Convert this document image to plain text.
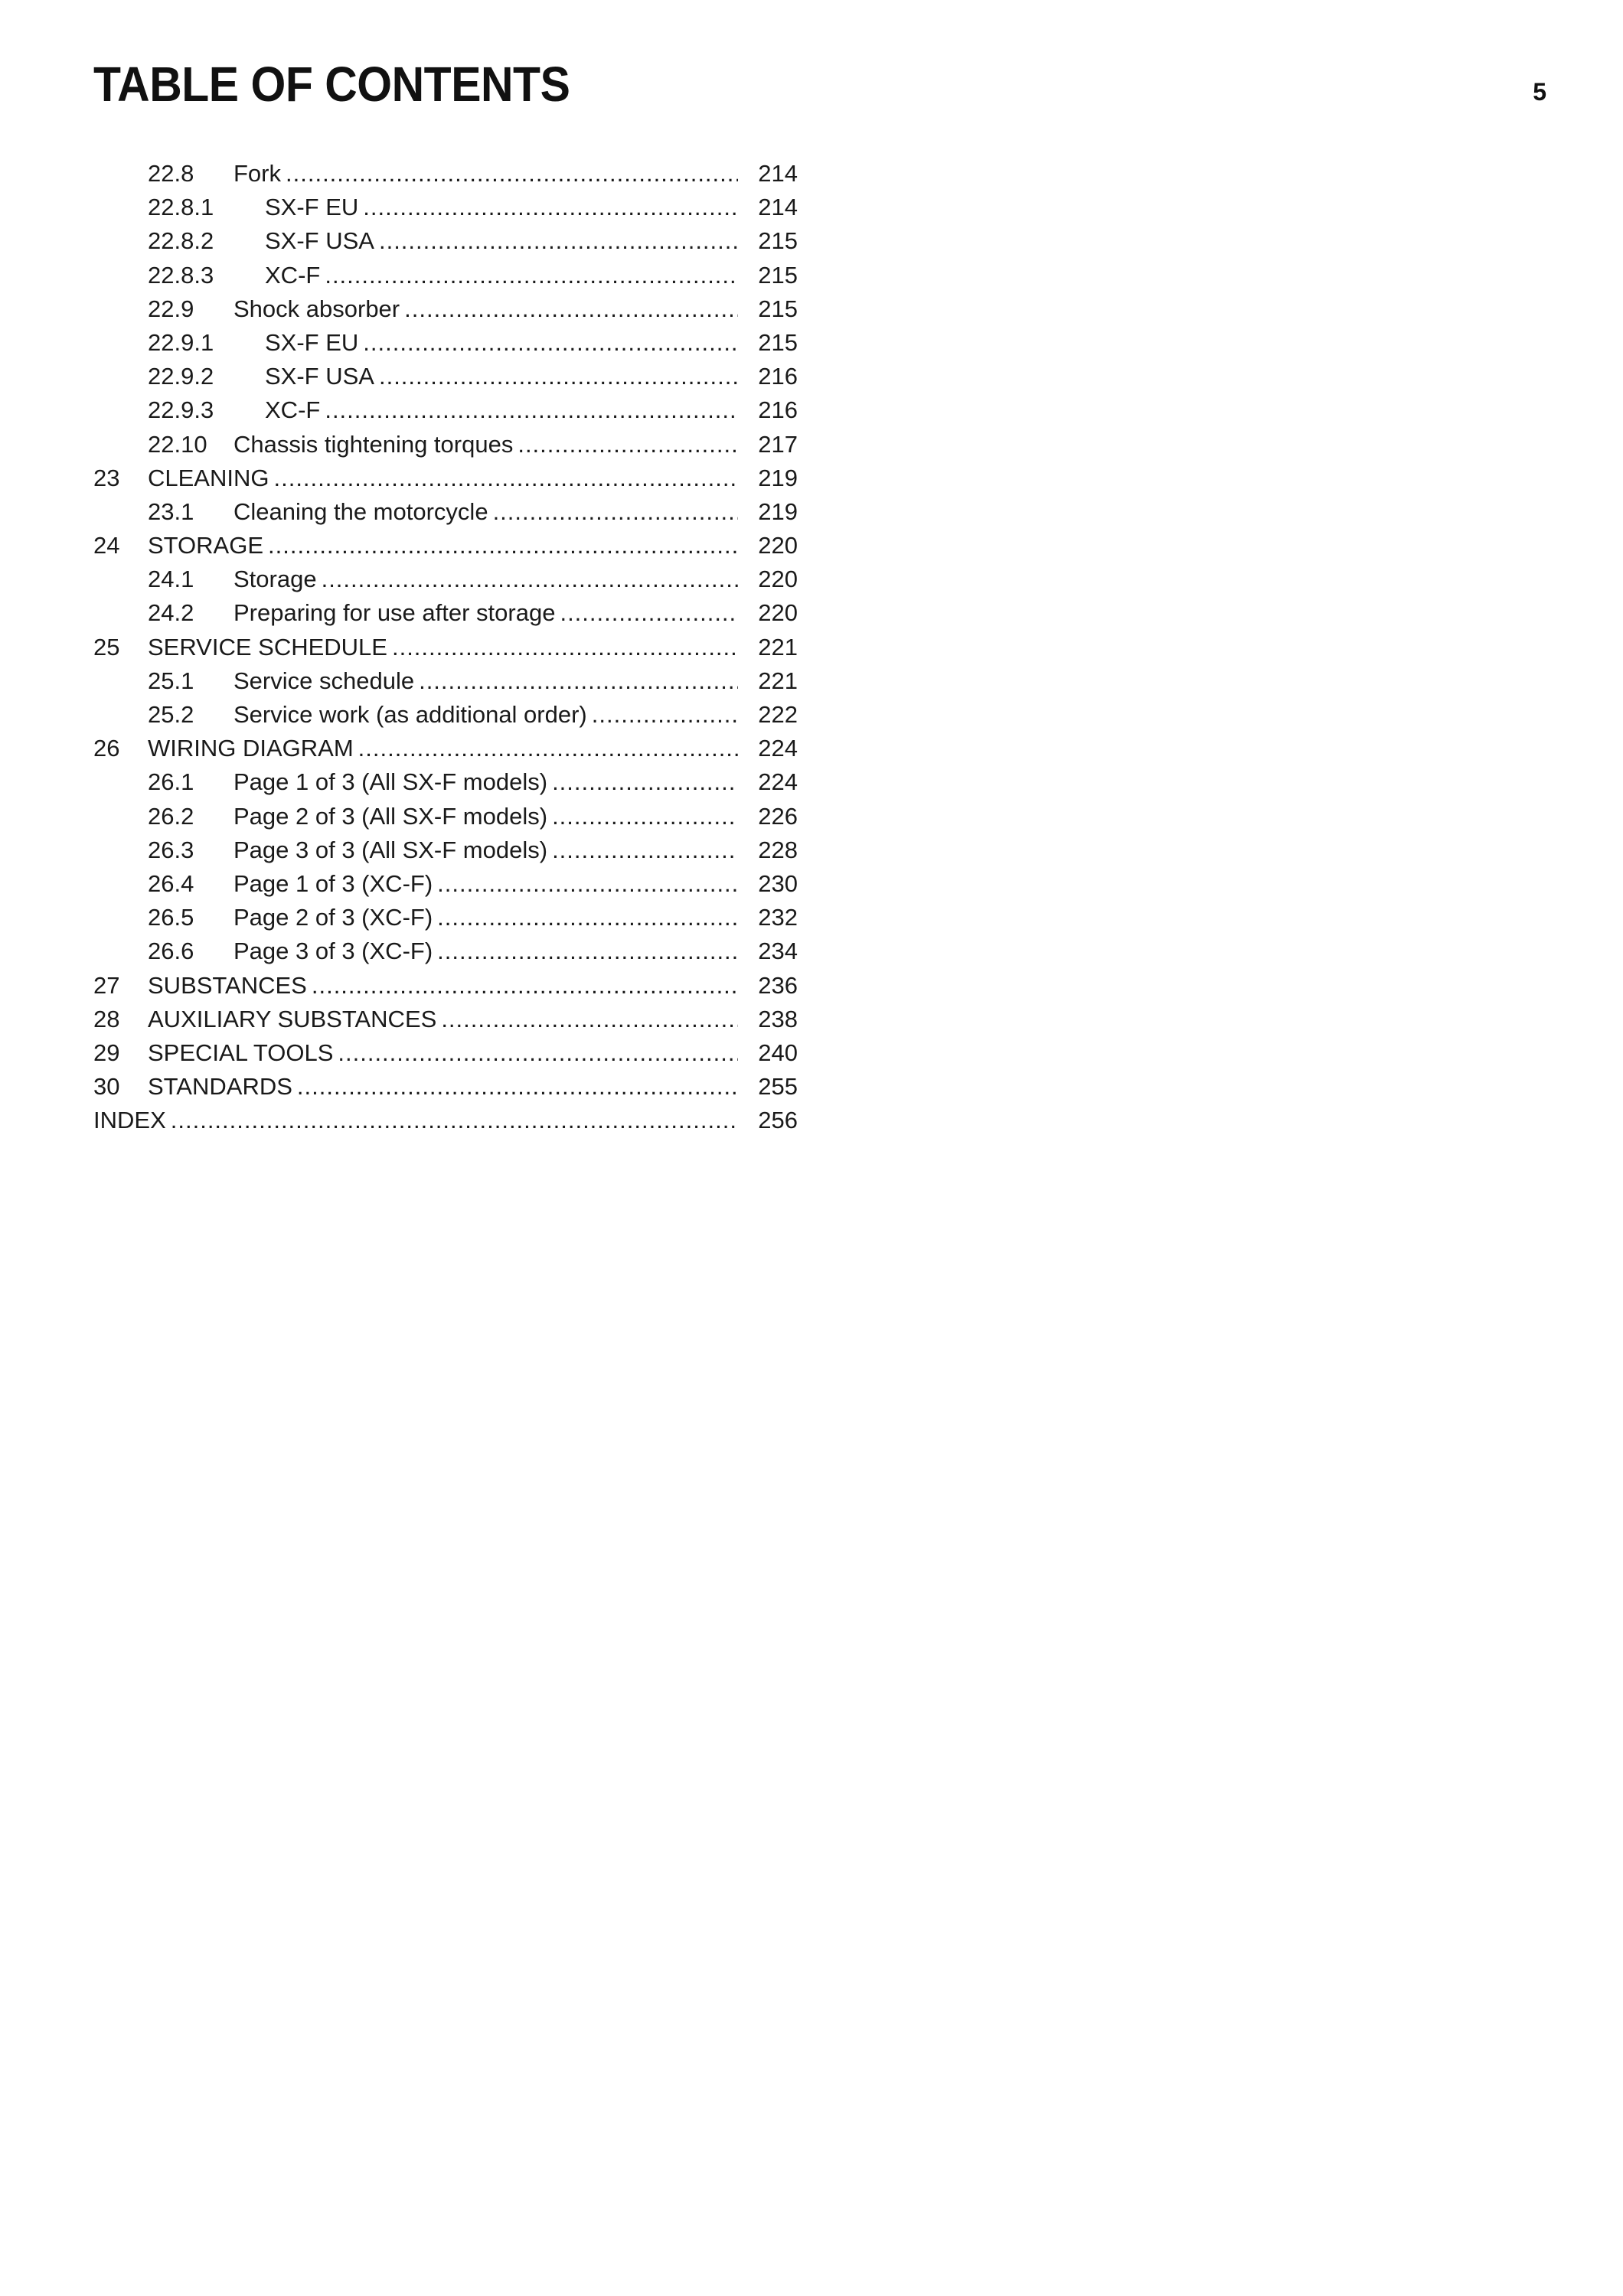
TABLE OF CONTENTS	5
22.8 Fork .....	214
22.8.1 SX-F EU .....	214
22.8.2 SX-F USA .....	215
22.8.3 XC-F .....	215
22.9 Shock absorber .....	215
22.9.1 SX-F EU .....	215
22.9.2 SX-F USA .....	216
22.9.3 XC-F .....	216
22.10 Chassis tightening torques .....	217
23 CLEANING .....	219
23.1 Cleaning the motorcycle .....	219
24 STORAGE .....	220
24.1 Storage .....	220
24.2 Preparing for use after storage .....	220
25 SERVICE SCHEDULE .....	221
25.1 Service schedule .....	221
25.2 Service work (as additional order) .....	222
26 WIRING DIAGRAM .....	224
26.1 Page 1 of 3 (All SX-F models) .....	224
26.2 Page 2 of 3 (All SX-F models) .....	226
26.3 Page 3 of 3 (All SX-F models) .....	228
26.4 Page 1 of 3 (XC-F) .....	230
26.5 Page 2 of 3 (XC-F) .....	232
26.6 Page 3 of 3 (XC-F) .....	234
27 SUBSTANCES .....	236
28 AUXILIARY SUBSTANCES .....	238
29 SPECIAL TOOLS .....	240
30 STANDARDS .....	255
INDEX .....	256
